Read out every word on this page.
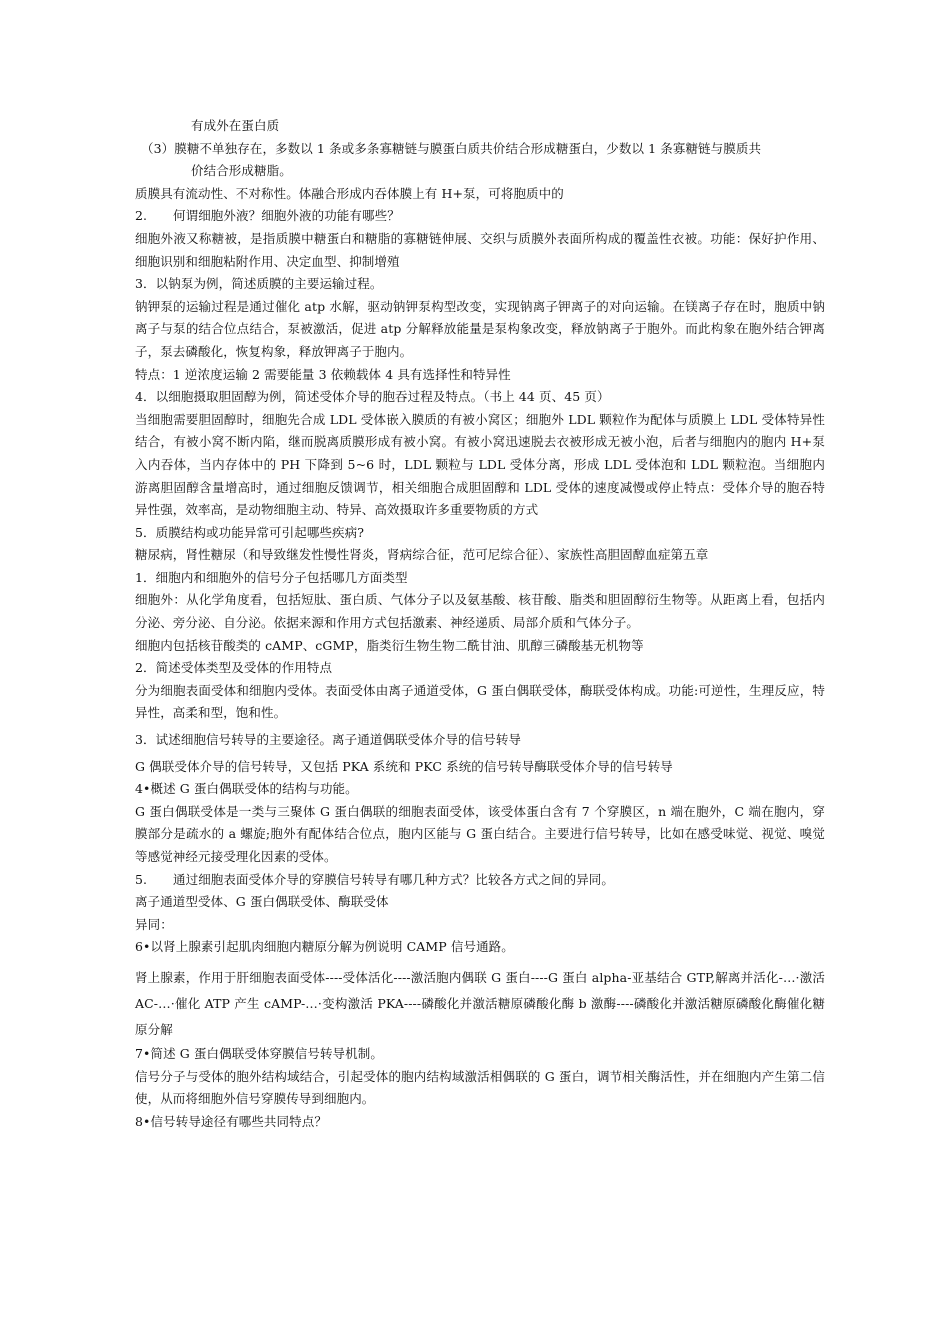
有成外在蛋白质

（3）膜糖不单独存在，多数以 1 条或多条寡糖链与膜蛋白质共价结合形成糖蛋白，少数以 1 条寡糖链与膜质共

价结合形成糖脂。

质膜具有流动性、不对称性。体融合形成内吞体膜上有 H+泵，可将胞质中的

2. 何谓细胞外液？细胞外液的功能有哪些？

细胞外液又称糖被，是指质膜中糖蛋白和糖脂的寡糖链伸展、交织与质膜外表面所构成的覆盖性衣被。功能：保好护作用、细胞识别和细胞粘附作用、决定血型、抑制增殖

3．以钠泵为例，简述质膜的主要运输过程。

钠钾泵的运输过程是通过催化 atp 水解，驱动钠钾泵构型改变，实现钠离子钾离子的对向运输。在镁离子存在时，胞质中钠离子与泵的结合位点结合，泵被激活，促进 atp 分解释放能量是泵构象改变，释放钠离子于胞外。而此构象在胞外结合钾离子，泵去磷酸化，恢复构象，释放钾离子于胞内。

特点：1 逆浓度运输 2 需要能量 3 依赖载体 4 具有选择性和特异性

4．以细胞摄取胆固醇为例，简述受体介导的胞吞过程及特点。（书上 44 页、45 页）

当细胞需要胆固醇时，细胞先合成 LDL 受体嵌入膜质的有被小窝区；细胞外 LDL 颗粒作为配体与质膜上 LDL 受体特异性结合，有被小窝不断内陷，继而脱离质膜形成有被小窝。有被小窝迅速脱去衣被形成无被小泡，后者与细胞内的胞内 H+泵入内吞体，当内存体中的 PH 下降到 5~6 时，LDL 颗粒与 LDL 受体分离，形成 LDL 受体泡和 LDL 颗粒泡。当细胞内游离胆固醇含量增高时，通过细胞反馈调节，相关细胞合成胆固醇和 LDL 受体的速度减慢或停止特点：受体介导的胞吞特异性强，效率高，是动物细胞主动、特异、高效摄取许多重要物质的方式

5．质膜结构或功能异常可引起哪些疾病?

糖尿病，肾性糖尿（和导致继发性慢性肾炎，肾病综合征，范可尼综合征）、家族性高胆固醇血症第五章

1．细胞内和细胞外的信号分子包括哪几方面类型

细胞外：从化学角度看，包括短肽、蛋白质、气体分子以及氨基酸、核苷酸、脂类和胆固醇衍生物等。从距离上看，包括内分泌、旁分泌、自分泌。依据来源和作用方式包括激素、神经递质、局部介质和气体分子。

细胞内包括核苷酸类的 cAMP、cGMP，脂类衍生物生物二酰甘油、肌醇三磷酸基无机物等

2．简述受体类型及受体的作用特点

分为细胞表面受体和细胞内受体。表面受体由离子通道受体，G 蛋白偶联受体，酶联受体构成。功能:可逆性，生理反应，特异性，高柔和型，饱和性。

3．试述细胞信号转导的主要途径。离子通道偶联受体介导的信号转导

G 偶联受体介导的信号转导，又包括 PKA 系统和 PKC 系统的信号转导酶联受体介导的信号转导

4•概述 G 蛋白偶联受体的结构与功能。

G 蛋白偶联受体是一类与三聚体 G 蛋白偶联的细胞表面受体，该受体蛋白含有 7 个穿膜区，n 端在胞外，C 端在胞内，穿膜部分是疏水的 a 螺旋;胞外有配体结合位点，胞内区能与 G 蛋白结合。主要进行信号转导，比如在感受味觉、视觉、嗅觉等感觉神经元接受理化因素的受体。

5. 通过细胞表面受体介导的穿膜信号转导有哪几种方式？比较各方式之间的异同。

离子通道型受体、G 蛋白偶联受体、酶联受体

异同：

6•以肾上腺素引起肌肉细胞内糖原分解为例说明 CAMP 信号通路。

肾上腺素，作用于肝细胞表面受体----受体活化----激活胞内偶联 G 蛋白----G 蛋白 alpha-亚基结合 GTP,解离并活化-…·激活 AC-…·催化 ATP 产生 cAMP-…·变构激活 PKA----磷酸化并激活糖原磷酸化酶 b 激酶----磷酸化并激活糖原磷酸化酶催化糖原分解

7•简述 G 蛋白偶联受体穿膜信号转导机制。

信号分子与受体的胞外结构域结合，引起受体的胞内结构域激活相偶联的 G 蛋白，调节相关酶活性，并在细胞内产生第二信使，从而将细胞外信号穿膜传导到细胞内。

8•信号转导途径有哪些共同特点？
